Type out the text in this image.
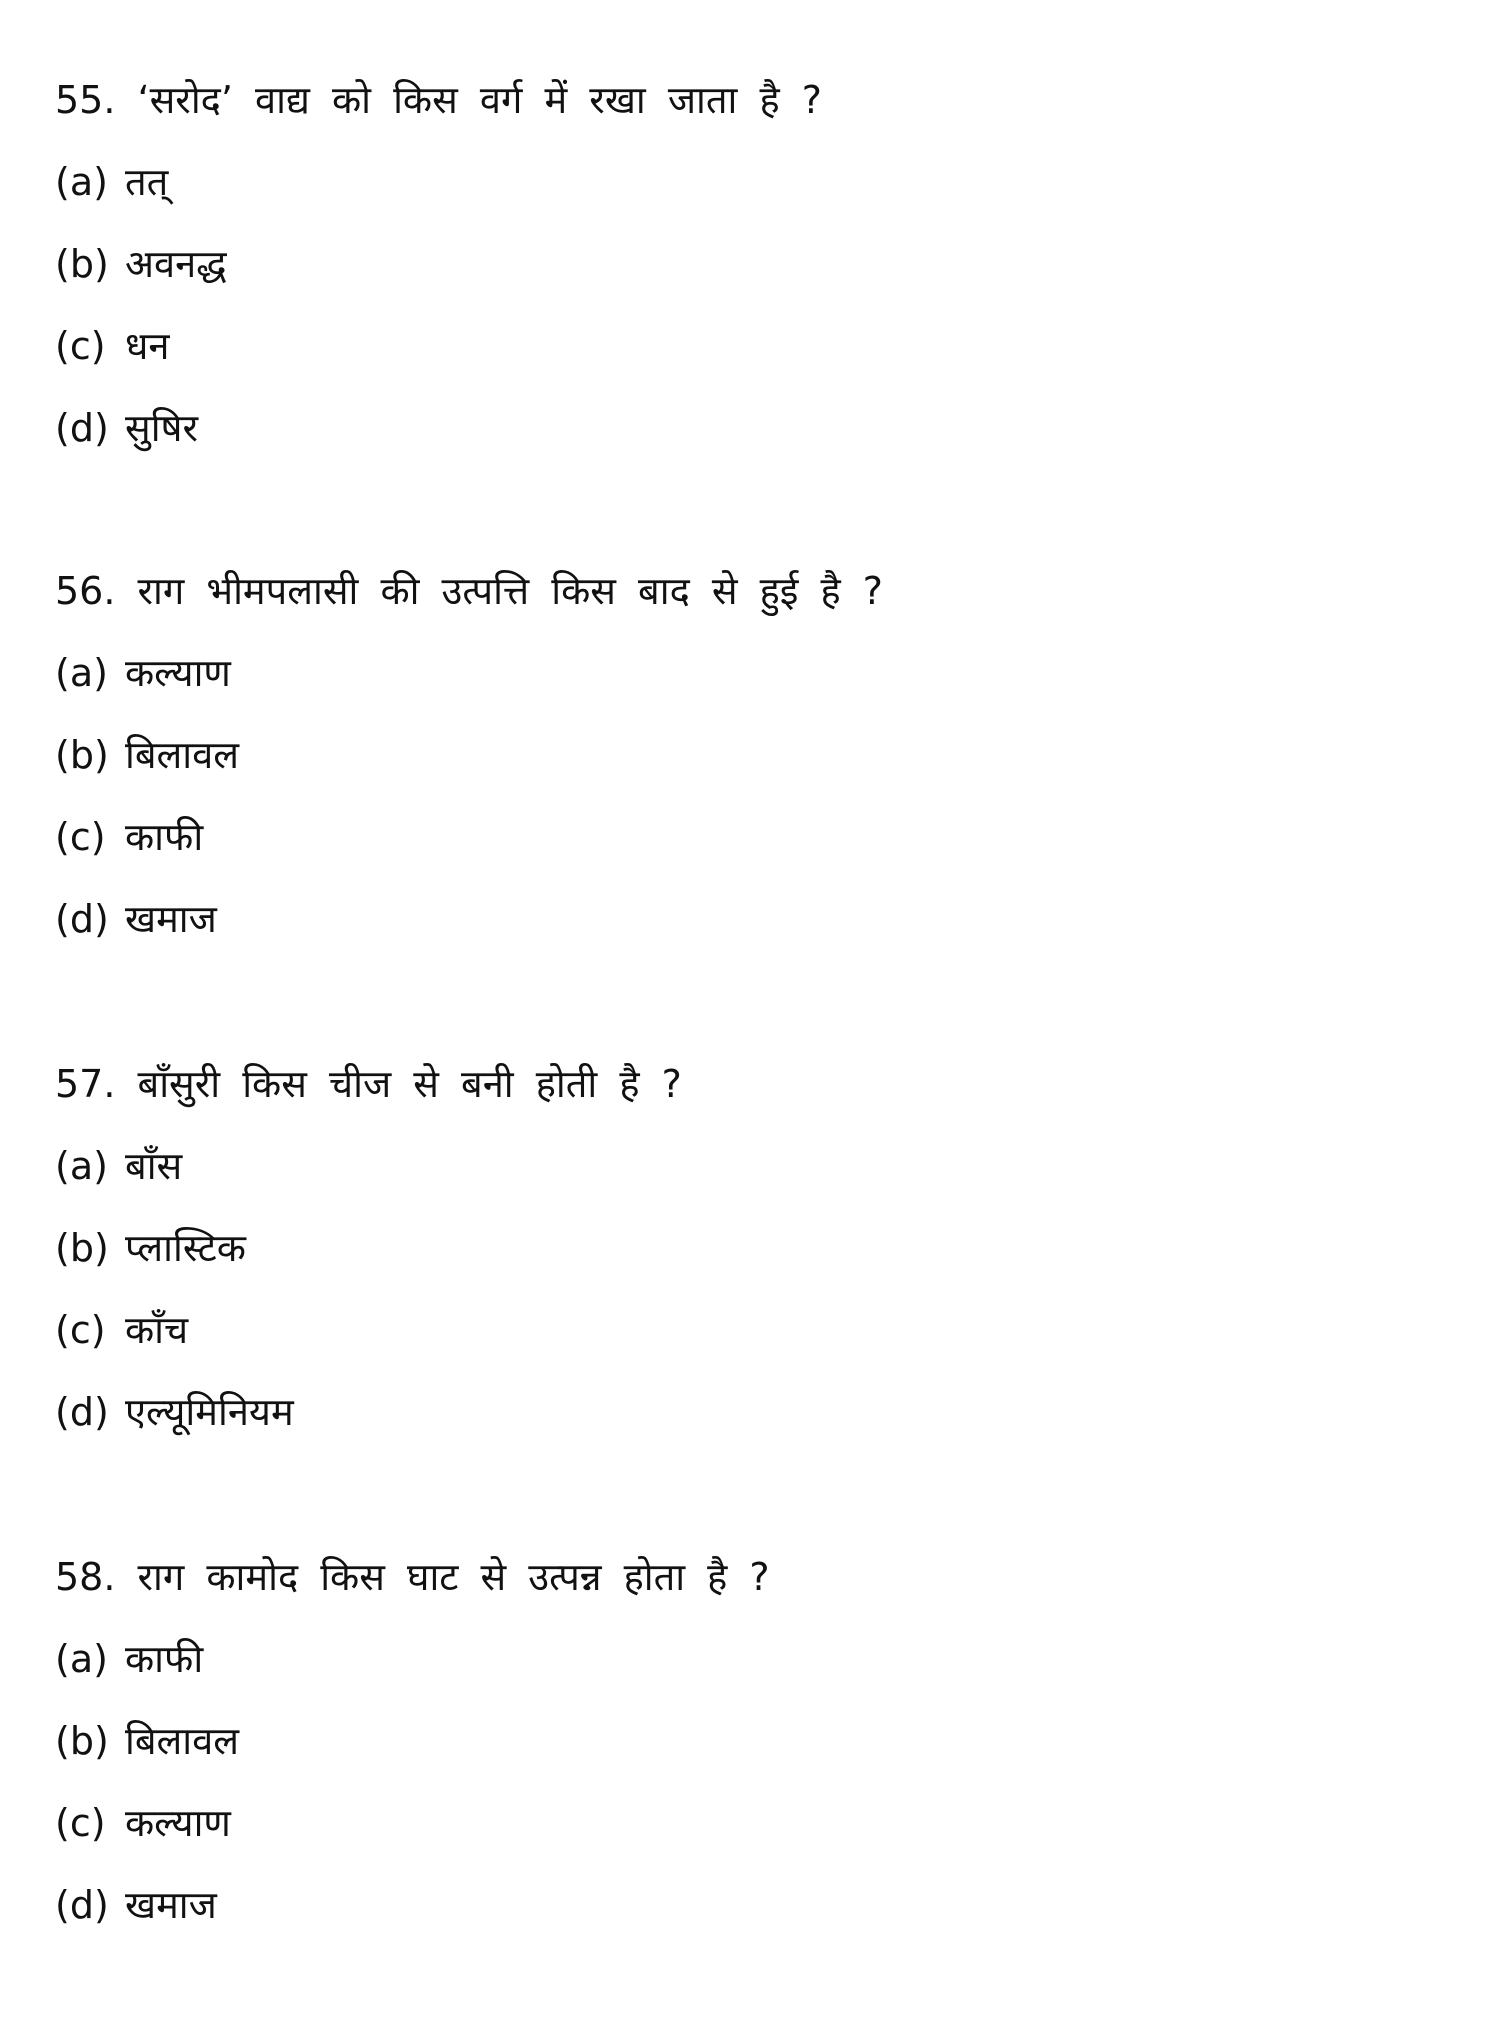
55. ‘सरोद’ वाद्य को किस वर्ग में रखा जाता है ?
(a) तत्
(b) अवनद्ध
(c) धन
(d) सुषिर
56. राग भीमपलासी की उत्पत्ति किस बाद से हुई है ?
(a) कल्याण
(b) बिलावल
(c) काफी
(d) खमाज
57. बाँसुरी किस चीज से बनी होती है ?
(a) बाँस
(b) प्लास्टिक
(c) काँच
(d) एल्यूमिनियम
58. राग कामोद किस घाट से उत्पन्न होता है ?
(a) काफी
(b) बिलावल
(c) कल्याण
(d) खमाज
